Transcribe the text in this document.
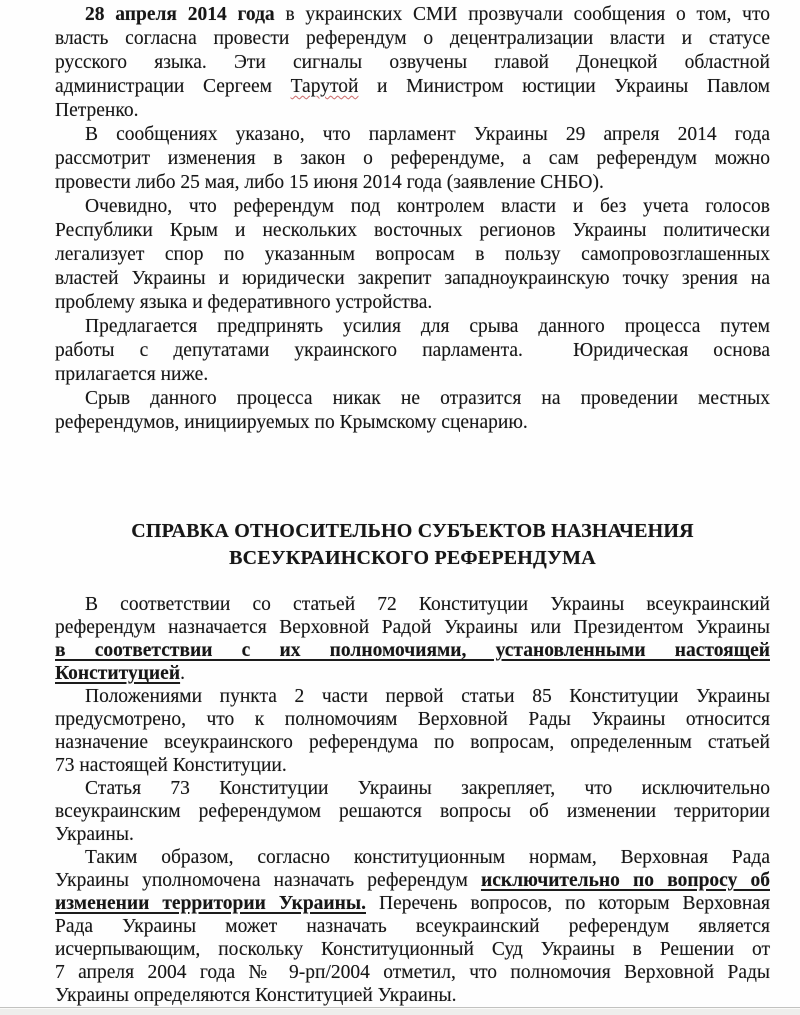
28 апреля 2014 года в украинских СМИ прозвучали сообщения о том, что
власть согласна провести референдум о децентрализации власти и статусе
русского языка. Эти сигналы озвучены главой Донецкой областной
администрации Сергеем Тарутой и Министром юстиции Украины Павлом
Петренко.
В сообщениях указано, что парламент Украины 29 апреля 2014 года
рассмотрит изменения в закон о референдуме, а сам референдум можно
провести либо 25 мая, либо 15 июня 2014 года (заявление СНБО).
Очевидно, что референдум под контролем власти и без учета голосов
Республики Крым и нескольких восточных регионов Украины политически
легализует спор по указанным вопросам в пользу самопровозглашенных
властей Украины и юридически закрепит западноукраинскую точку зрения на
проблему языка и федеративного устройства.
Предлагается предпринять усилия для срыва данного процесса путем
работы с депутатами украинского парламента.  Юридическая основа
прилагается ниже.
Срыв данного процесса никак не отразится на проведении местных
референдумов, инициируемых по Крымскому сценарию.
СПРАВКА ОТНОСИТЕЛЬНО СУБЪЕКТОВ НАЗНАЧЕНИЯ
ВСЕУКРАИНСКОГО РЕФЕРЕНДУМА
В соответствии со статьей 72 Конституции Украины всеукраинский
референдум назначается Верховной Радой Украины или Президентом Украины
в соответствии с их полномочиями, установленными настоящей
Конституцией.
Положениями пункта 2 части первой статьи 85 Конституции Украины
предусмотрено, что к полномочиям Верховной Рады Украины относится
назначение всеукраинского референдума по вопросам, определенным статьей
73 настоящей Конституции.
Статья 73 Конституции Украины закрепляет, что исключительно
всеукраинским референдумом решаются вопросы об изменении территории
Украины.
Таким образом, согласно конституционным нормам, Верховная Рада
Украины уполномочена назначать референдум исключительно по вопросу об
изменении территории Украины. Перечень вопросов, по которым Верховная
Рада Украины может назначать всеукраинский референдум является
исчерпывающим, поскольку Конституционный Суд Украины в Решении от
7 апреля 2004 года № 9-рп/2004 отметил, что полномочия Верховной Рады
Украины определяются Конституцией Украины.
